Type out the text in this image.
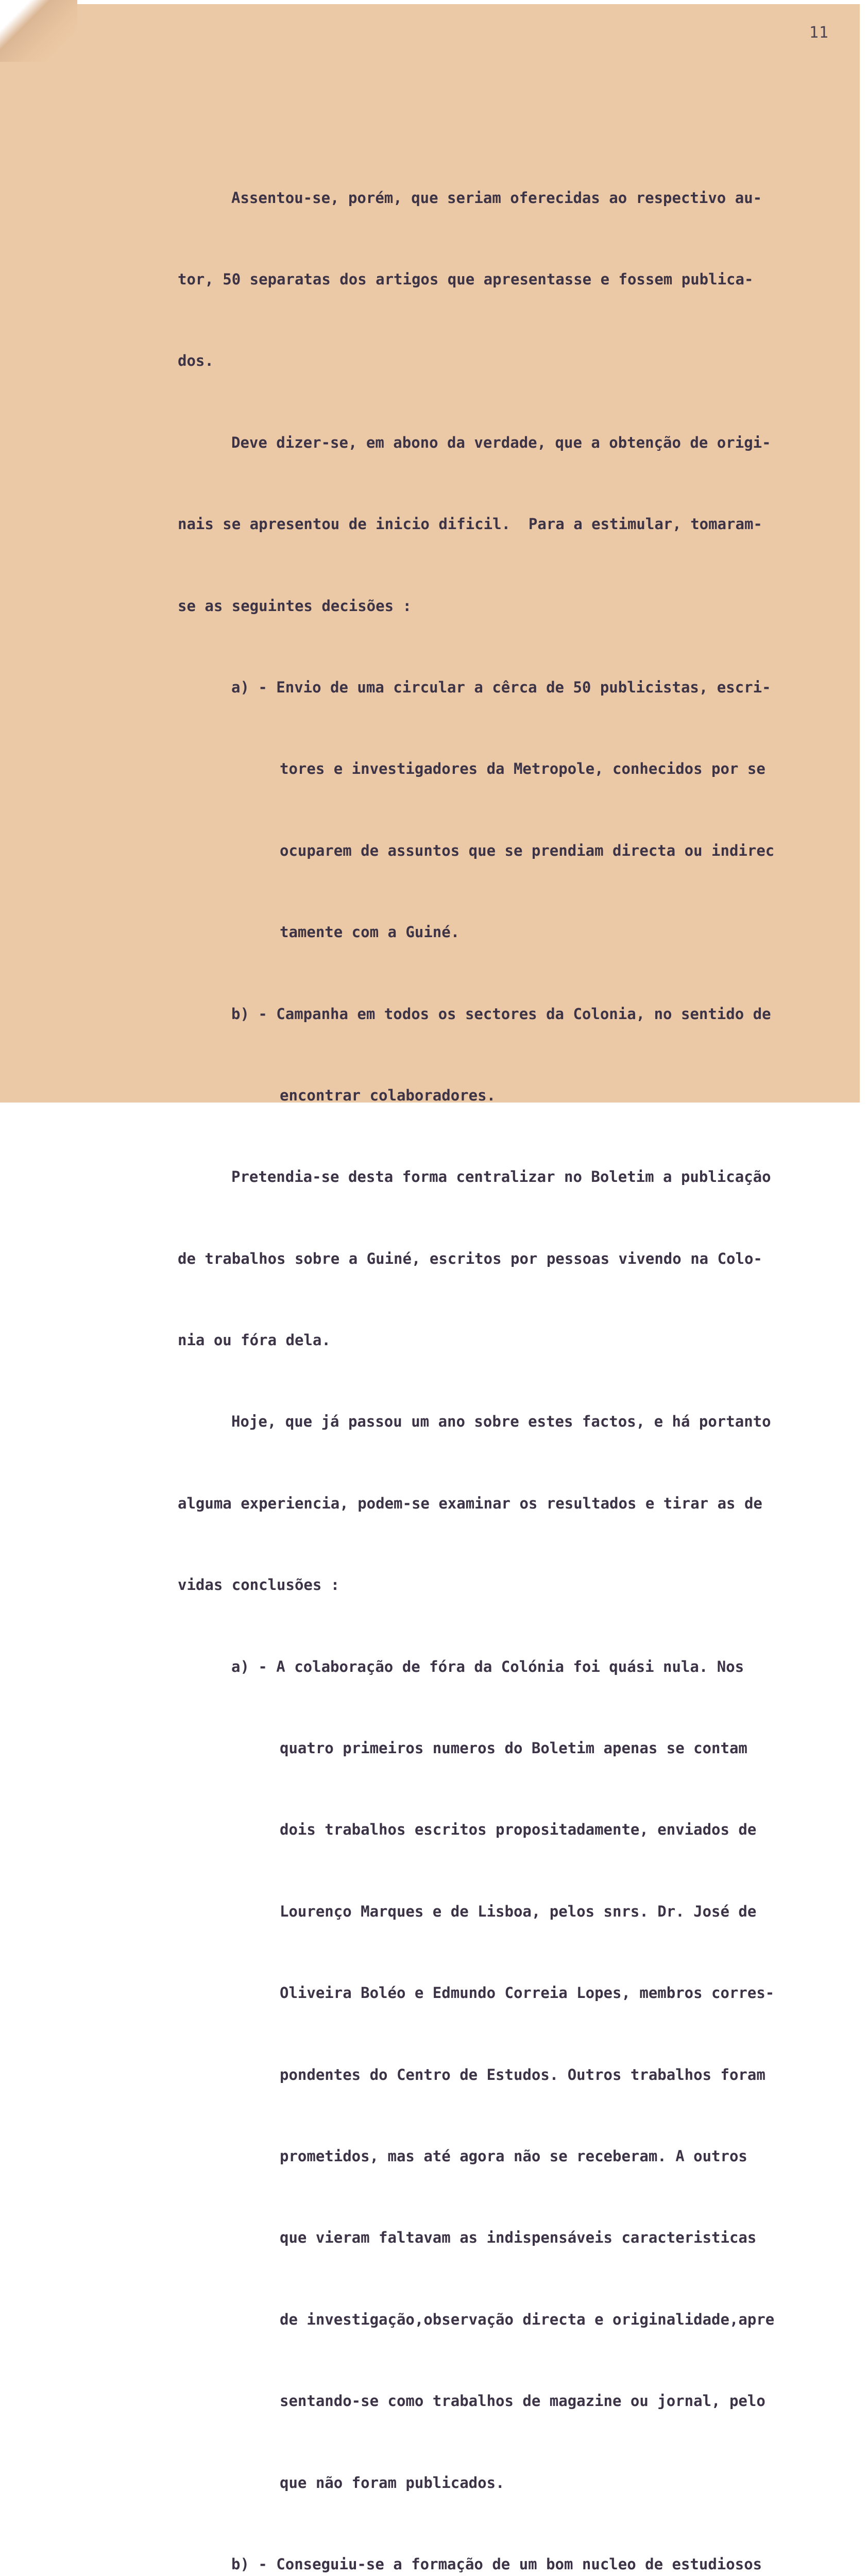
11

Assentou-se, porém, que seriam oferecidas ao respectivo au-

tor, 50 separatas dos artigos que apresentasse e fossem publica-

dos.

Deve dizer-se, em abono da verdade, que a obtenção de origi-

nais se apresentou de inicio dificil.  Para a estimular, tomaram-

se as seguintes decisões :

a) - Envio de uma circular a cêrca de 50 publicistas, escri-

tores e investigadores da Metropole, conhecidos por se

ocuparem de assuntos que se prendiam directa ou indirec

tamente com a Guiné.

b) - Campanha em todos os sectores da Colonia, no sentido de

encontrar colaboradores.

Pretendia-se desta forma centralizar no Boletim a publicação

de trabalhos sobre a Guiné, escritos por pessoas vivendo na Colo-

nia ou fóra dela.

Hoje, que já passou um ano sobre estes factos, e há portanto

alguma experiencia, podem-se examinar os resultados e tirar as de

vidas conclusões :

a) - A colaboração de fóra da Colónia foi quási nula. Nos

quatro primeiros numeros do Boletim apenas se contam

dois trabalhos escritos propositadamente, enviados de

Lourenço Marques e de Lisboa, pelos snrs. Dr. José de

Oliveira Boléo e Edmundo Correia Lopes, membros corres-

pondentes do Centro de Estudos. Outros trabalhos foram

prometidos, mas até agora não se receberam. A outros

que vieram faltavam as indispensáveis caracteristicas

de investigação,observação directa e originalidade,apre

sentando-se como trabalhos de magazine ou jornal, pelo

que não foram publicados.

b) - Conseguiu-se a formação de um bom nucleo de estudiosos
